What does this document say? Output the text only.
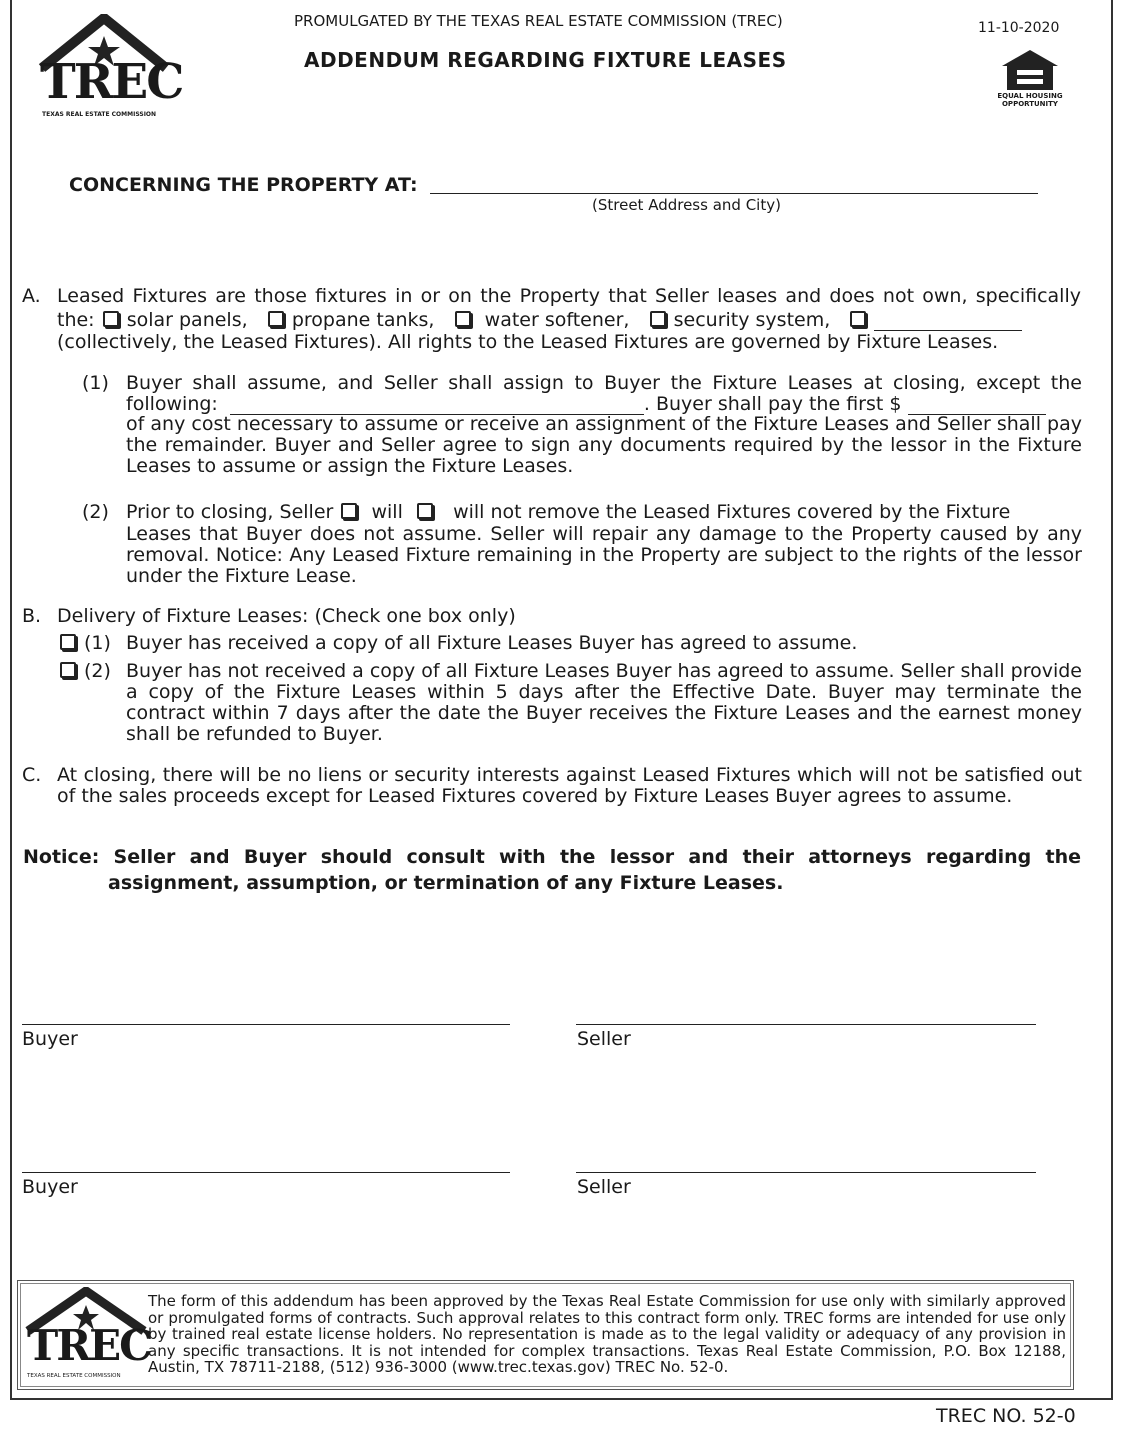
TREC
TEXAS REAL ESTATE COMMISSION
PROMULGATED BY THE TEXAS REAL ESTATE COMMISSION (TREC)
ADDENDUM REGARDING FIXTURE LEASES
11-10-2020
EQUAL HOUSING
OPPORTUNITY
CONCERNING THE PROPERTY AT:
(Street Address and City)
A. Leased Fixtures are those fixtures in or on the Property that Seller leases and does not own, specifically
the: solar panels, propane tanks,	water softener, security system,
(collectively, the Leased Fixtures). All rights to the Leased Fixtures are governed by Fixture Leases.
(1) Buyer shall assume, and Seller shall assign to Buyer the Fixture Leases at closing, except the
following:	. Buyer shall pay the first $
of any cost necessary to assume or receive an assignment of the Fixture Leases and Seller shall pay the remainder. Buyer and Seller agree to sign any documents required by the lessor in the Fixture Leases to assume or assign the Fixture Leases.
(2) Prior to closing, Seller will	will not remove the Leased Fixtures covered by the Fixture
Leases that Buyer does not assume. Seller will repair any damage to the Property caused by any removal. Notice: Any Leased Fixture remaining in the Property are subject to the rights of the lessor under the Fixture Lease.
B. Delivery of Fixture Leases: (Check one box only)
(1) Buyer has received a copy of all Fixture Leases Buyer has agreed to assume.
(2) Buyer has not received a copy of all Fixture Leases Buyer has agreed to assume. Seller shall provide a copy of the Fixture Leases within 5 days after the Effective Date. Buyer may terminate the contract within 7 days after the date the Buyer receives the Fixture Leases and the earnest money shall be refunded to Buyer.
C. At closing, there will be no liens or security interests against Leased Fixtures which will not be satisfied out of the sales proceeds except for Leased Fixtures covered by Fixture Leases Buyer agrees to assume.
Notice: Seller and Buyer should consult with the lessor and their attorneys regarding the
assignment, assumption, or termination of any Fixture Leases.
Buyer	Seller
Buyer	Seller
TREC
TEXAS REAL ESTATE COMMISSION
The form of this addendum has been approved by the Texas Real Estate Commission for use only with similarly approved or promulgated forms of contracts. Such approval relates to this contract form only. TREC forms are intended for use only by trained real estate license holders. No representation is made as to the legal validity or adequacy of any provision in any specific transactions. It is not intended for complex transactions. Texas Real Estate Commission, P.O. Box 12188, Austin, TX 78711-2188, (512) 936-3000 (www.trec.texas.gov) TREC No. 52-0.
TREC NO. 52-0
